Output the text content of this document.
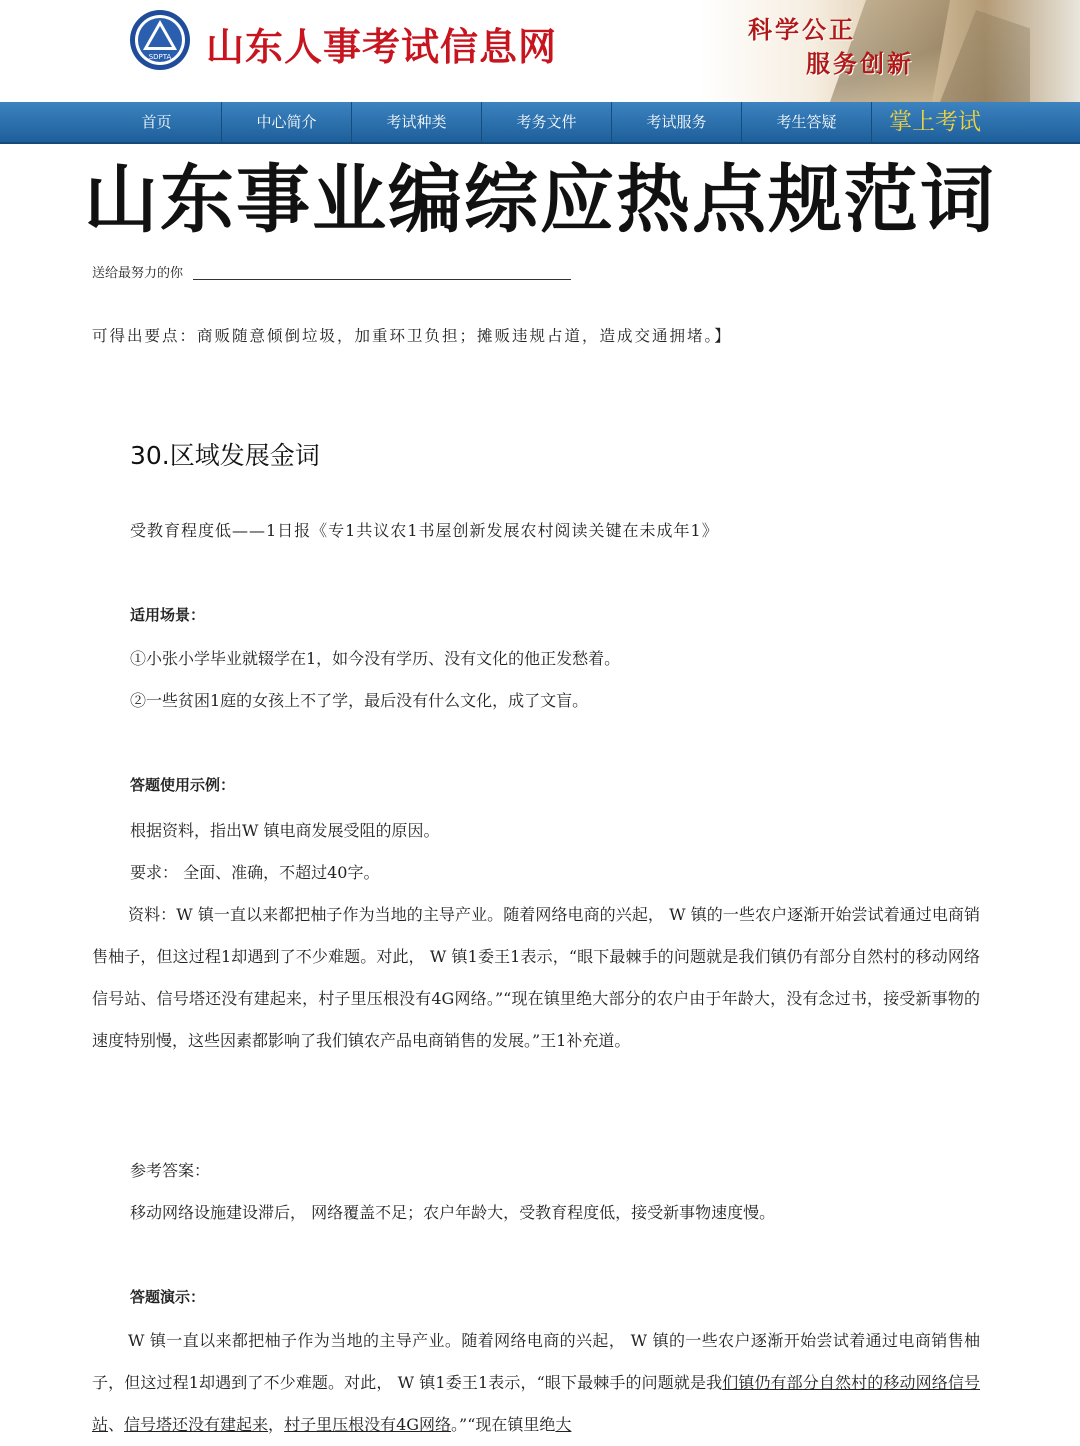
SDPTA 山东人事考试信息网	科学公正
服务创新
首页	中心简介	考试种类	考务文件	考试服务	考生答疑	掌上考试
山东事业编综应热点规范词
送给最努力的你
可得出要点：商贩随意倾倒垃圾，加重环卫负担；摊贩违规占道，造成交通拥堵。】
30.区域发展金词
受教育程度低——1日报《专1共议农1书屋创新发展农村阅读关键在未成年1》
适用场景：
①小张小学毕业就辍学在1，如今没有学历、没有文化的他正发愁着。
②一些贫困1庭的女孩上不了学，最后没有什么文化，成了文盲。
答题使用示例：
根据资料，指出W 镇电商发展受阻的原因。
要求： 全面、准确，不超过40字。
资料：W 镇一直以来都把柚子作为当地的主导产业。随着网络电商的兴起， W 镇的一些农户逐渐开始尝试着通过电商销售柚子，但这过程1却遇到了不少难题。对此， W 镇1委王1表示，“眼下最棘手的问题就是我们镇仍有部分自然村的移动网络信号站、信号塔还没有建起来，村子里压根没有4G网络。”“现在镇里绝大部分的农户由于年龄大，没有念过书，接受新事物的速度特别慢，这些因素都影响了我们镇农产品电商销售的发展。”王1补充道。
参考答案：
移动网络设施建设滞后， 网络覆盖不足；农户年龄大，受教育程度低，接受新事物速度慢。
答题演示：
W 镇一直以来都把柚子作为当地的主导产业。随着网络电商的兴起， W 镇的一些农户逐渐开始尝试着通过电商销售柚子，但这过程1却遇到了不少难题。对此， W 镇1委王1表示，“眼下最棘手的问题就是我们镇仍有部分自然村的移动网络信号站、信号塔还没有建起来，村子里压根没有4G网络。”“现在镇里绝大
